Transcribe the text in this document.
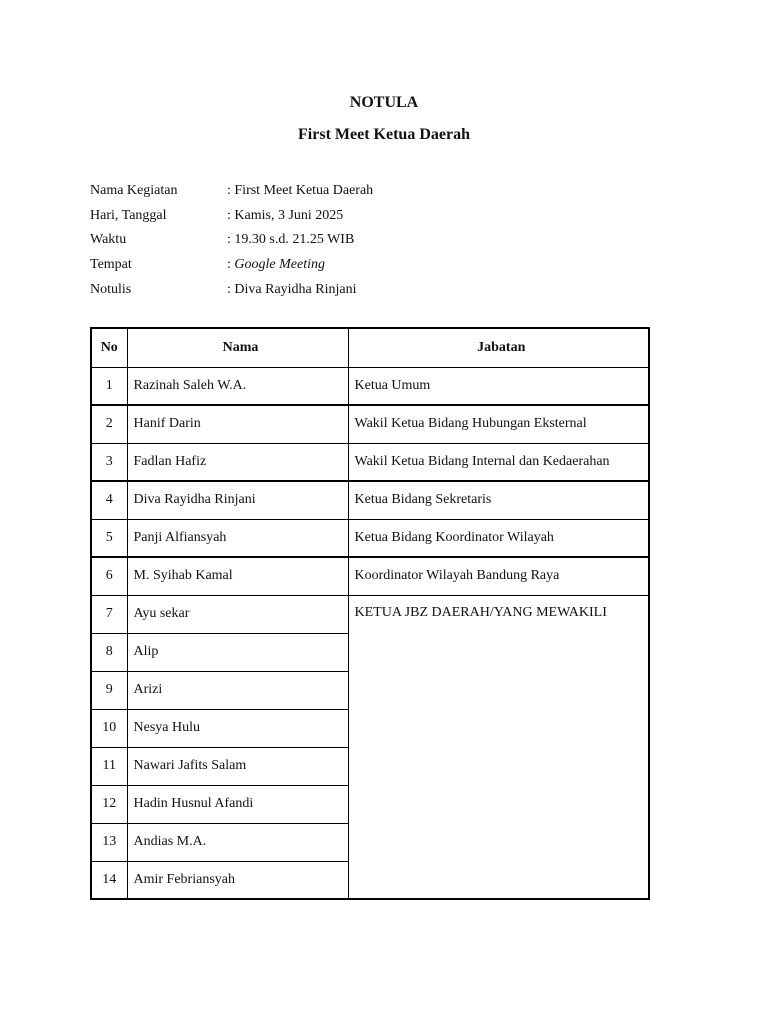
NOTULA
First Meet Ketua Daerah
Nama Kegiatan	: First Meet Ketua Daerah
Hari, Tanggal	: Kamis, 3 Juni 2025
Waktu	: 19.30 s.d. 21.25 WIB
Tempat	: Google Meeting
Notulis	: Diva Rayidha Rinjani
No	Nama	Jabatan
1	Razinah Saleh W.A.	Ketua Umum
2	Hanif Darin	Wakil Ketua Bidang Hubungan Eksternal
3	Fadlan Hafiz	Wakil Ketua Bidang Internal dan Kedaerahan
4	Diva Rayidha Rinjani	Ketua Bidang Sekretaris
5	Panji Alfiansyah	Ketua Bidang Koordinator Wilayah
6	M. Syihab Kamal	Koordinator Wilayah Bandung Raya
7	Ayu sekar	KETUA JBZ DAERAH/YANG MEWAKILI
8	Alip	
9	Arizi	
10	Nesya Hulu	
11	Nawari Jafits Salam	
12	Hadin Husnul Afandi	
13	Andias M.A.	
14	Amir Febriansyah	
